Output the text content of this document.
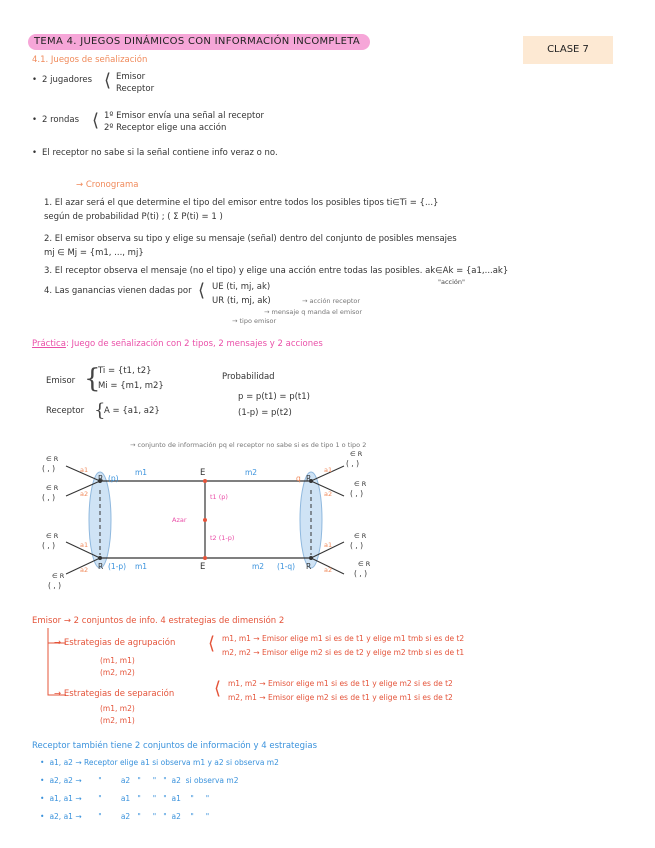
TEMA 4. JUEGOS DINÁMICOS CON INFORMACIÓN INCOMPLETA
CLASE 7
4.1. Juegos de señalización
• 2 jugadores ⟨ Emisor
Receptor
• 2 rondas ⟨ 1º Emisor envía una señal al receptor
2º Receptor elige una acción
• El receptor no sabe si la señal contiene info veraz o no.
→ Cronograma
1. El azar será el que determine el tipo del emisor entre todos los posibles tipos ti∈Ti = {...}
según de probabilidad P(ti) ; ( Σ P(ti) = 1 )
2. El emisor observa su tipo y elige su mensaje (señal) dentro del conjunto de posibles mensajes
mj ∈ Mj = {m1, ..., mj}
3. El receptor observa el mensaje (no el tipo) y elige una acción entre todas las posibles. ak∈Ak = {a1,...ak}
"acción"
4. Las ganancias vienen dadas por ⟨ UE (ti, mj, ak)
UR (ti, mj, ak)	→ acción receptor
→ mensaje q manda el emisor
→ tipo emisor
Práctica: Juego de señalización con 2 tipos, 2 mensajes y 2 acciones
Emisor {
Ti = {t1, t2}
Mi = {m1, m2}
Receptor {
A = {a1, a2}
Probabilidad
p = p(t1) = p(t1)
(1-p) = p(t2)
→ conjunto de información pq el receptor no sabe si es de tipo 1 o tipo 2
E
E
Azar
t1 (p)
t2 (1-p)
m1	m2
m1	m2
R (p)
R (1-p)
q R
(1-q) R
a1
a2
a1
a2
a1
a2
a1
a2
∈ R
( , )
∈ R
( , )
∈ R
( , )
∈ R
( , )
∈ R
( , )
∈ R
( , )
∈ R
( , )
∈ R
( , )
Emisor → 2 conjuntos de info. 4 estrategias de dimensión 2
→ Estrategias de agrupación ⟨ m1, m1 → Emisor elige m1 si es de t1 y elige m1 tmb si es de t2
m2, m2 → Emisor elige m2 si es de t2 y elige m2 tmb si es de t1
(m1, m1)
(m2, m2)
→ Estrategias de separación ⟨ m1, m2 → Emisor elige m1 si es de t1 y elige m2 si es de t2
m2, m1 → Emisor elige m2 si es de t1 y elige m1 si es de t2
(m1, m2)
(m2, m1)
Receptor también tiene 2 conjuntos de información y 4 estrategias
• a1, a2 → Receptor elige a1 si observa m1 y a2 si observa m2
• a2, a2 →       "        a2   "     "   "  a2  si observa m2
• a1, a1 →       "        a1   "     "   "  a1    "     "
• a2, a1 →       "        a2   "     "   "  a2    "     "
